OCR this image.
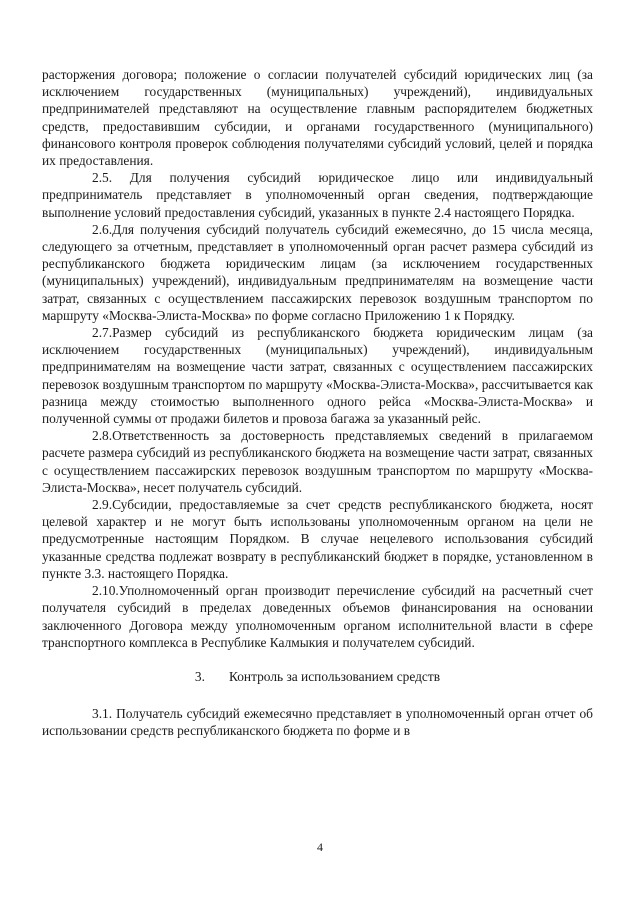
расторжения договора; положение о согласии получателей субсидий юридических лиц (за исключением государственных (муниципальных) учреждений), индивидуальных предпринимателей представляют на осуществление главным распорядителем бюджетных средств, предоставившим субсидии, и органами государственного (муниципального) финансового контроля проверок соблюдения получателями субсидий условий, целей и порядка их предоставления.

2.5. Для получения субсидий юридическое лицо или индивидуальный предприниматель представляет в уполномоченный орган сведения, подтверждающие выполнение условий предоставления субсидий, указанных в пункте 2.4 настоящего Порядка.

2.6.Для получения субсидий получатель субсидий ежемесячно, до 15 числа месяца, следующего за отчетным, представляет в уполномоченный орган расчет размера субсидий из республиканского бюджета юридическим лицам (за исключением государственных (муниципальных) учреждений), индивидуальным предпринимателям на возмещение части затрат, связанных с осуществлением пассажирских перевозок воздушным транспортом по маршруту «Москва-Элиста-Москва» по форме согласно Приложению 1 к Порядку.

2.7.Размер субсидий из республиканского бюджета юридическим лицам (за исключением государственных (муниципальных) учреждений), индивидуальным предпринимателям на возмещение части затрат, связанных с осуществлением пассажирских перевозок воздушным транспортом по маршруту «Москва-Элиста-Москва», рассчитывается как разница между стоимостью выполненного одного рейса «Москва-Элиста-Москва» и полученной суммы от продажи билетов и провоза багажа за указанный рейс.

2.8.Ответственность за достоверность представляемых сведений в прилагаемом расчете размера субсидий из республиканского бюджета на возмещение части затрат, связанных с осуществлением пассажирских перевозок воздушным транспортом по маршруту «Москва-Элиста-Москва», несет получатель субсидий.

2.9.Субсидии, предоставляемые за счет средств республиканского бюджета, носят целевой характер и не могут быть использованы уполномоченным органом на цели не предусмотренные настоящим Порядком. В случае нецелевого использования субсидий указанные средства подлежат возврату в республиканский бюджет в порядке, установленном в пункте 3.3. настоящего Порядка.

2.10.Уполномоченный орган производит перечисление субсидий на расчетный счет получателя субсидий в пределах доведенных объемов финансирования на основании заключенного Договора между уполномоченным органом исполнительной власти в сфере транспортного комплекса в Республике Калмыкия и получателем субсидий.

3. Контроль за использованием средств

3.1. Получатель субсидий ежемесячно представляет в уполномоченный орган отчет об использовании средств республиканского бюджета по форме и в

4
